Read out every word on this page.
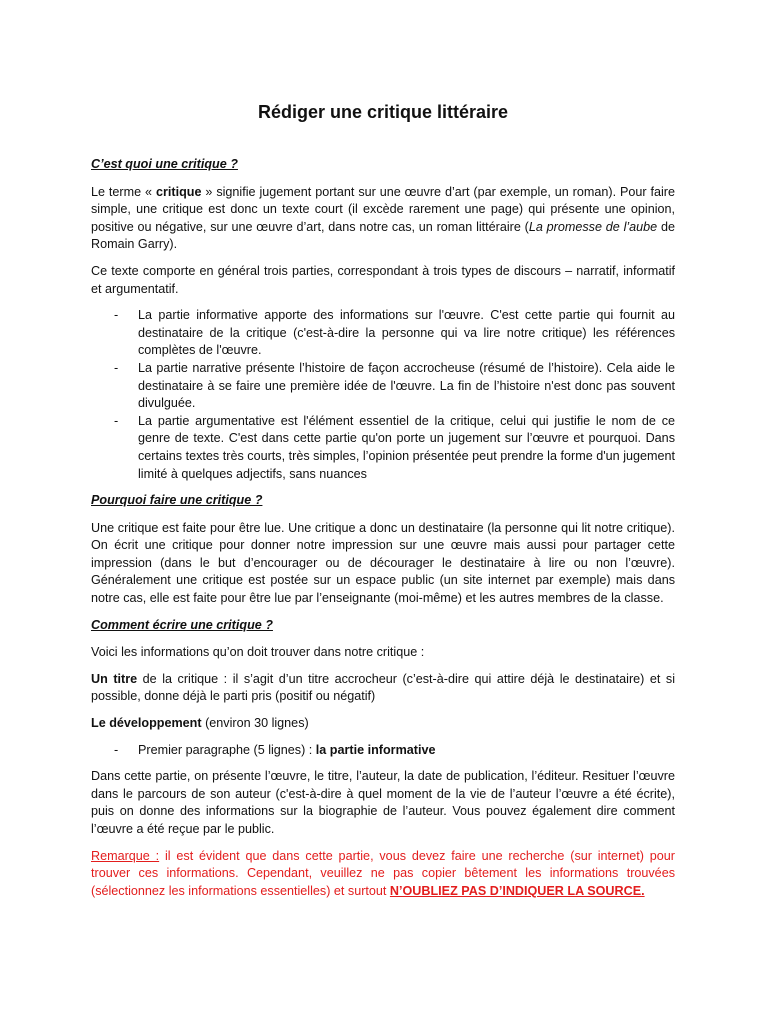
Rédiger une critique littéraire
C’est quoi une critique ?

Le terme « critique » signifie jugement portant sur une œuvre d’art (par exemple, un roman). Pour faire simple, une critique est donc un texte court (il excède rarement une page) qui présente une opinion, positive ou négative, sur une œuvre d’art, dans notre cas, un roman littéraire (La promesse de l’aube de Romain Garry).

Ce texte comporte en général trois parties, correspondant à trois types de discours – narratif, informatif et argumentatif.

- La partie informative apporte des informations sur l'œuvre. C'est cette partie qui fournit au destinataire de la critique (c'est-à-dire la personne qui va lire notre critique) les références complètes de l'œuvre.
- La partie narrative présente l’histoire de façon accrocheuse (résumé de l’histoire). Cela aide le destinataire à se faire une première idée de l'œuvre. La fin de l’histoire n'est donc pas souvent divulguée.
- La partie argumentative est l'élément essentiel de la critique, celui qui justifie le nom de ce genre de texte. C'est dans cette partie qu'on porte un jugement sur l’œuvre et pourquoi. Dans certains textes très courts, très simples, l’opinion présentée peut prendre la forme d'un jugement limité à quelques adjectifs, sans nuances
Pourquoi faire une critique ?

Une critique est faite pour être lue. Une critique a donc un destinataire (la personne qui lit notre critique). On écrit une critique pour donner notre impression sur une œuvre mais aussi pour partager cette impression (dans le but d’encourager ou de décourager le destinataire à lire ou non l’œuvre). Généralement une critique est postée sur un espace public (un site internet par exemple) mais dans notre cas, elle est faite pour être lue par l’enseignante (moi-même) et les autres membres de la classe.

Comment écrire une critique ?

Voici les informations qu’on doit trouver dans notre critique :

Un titre de la critique : il s’agit d’un titre accrocheur (c’est-à-dire qui attire déjà le destinataire) et si possible, donne déjà le parti pris (positif ou négatif)

Le développement (environ 30 lignes)

- Premier paragraphe (5 lignes) : la partie informative

Dans cette partie, on présente l’œuvre, le titre, l’auteur, la date de publication, l’éditeur. Resituer l’œuvre dans le parcours de son auteur (c'est-à-dire à quel moment de la vie de l’auteur l’œuvre a été écrite), puis on donne des informations sur la biographie de l’auteur. Vous pouvez également dire comment l’œuvre a été reçue par le public.

Remarque : il est évident que dans cette partie, vous devez faire une recherche (sur internet) pour trouver ces informations. Cependant, veuillez ne pas copier bêtement les informations trouvées (sélectionnez les informations essentielles) et surtout N’OUBLIEZ PAS D’INDIQUER LA SOURCE.
